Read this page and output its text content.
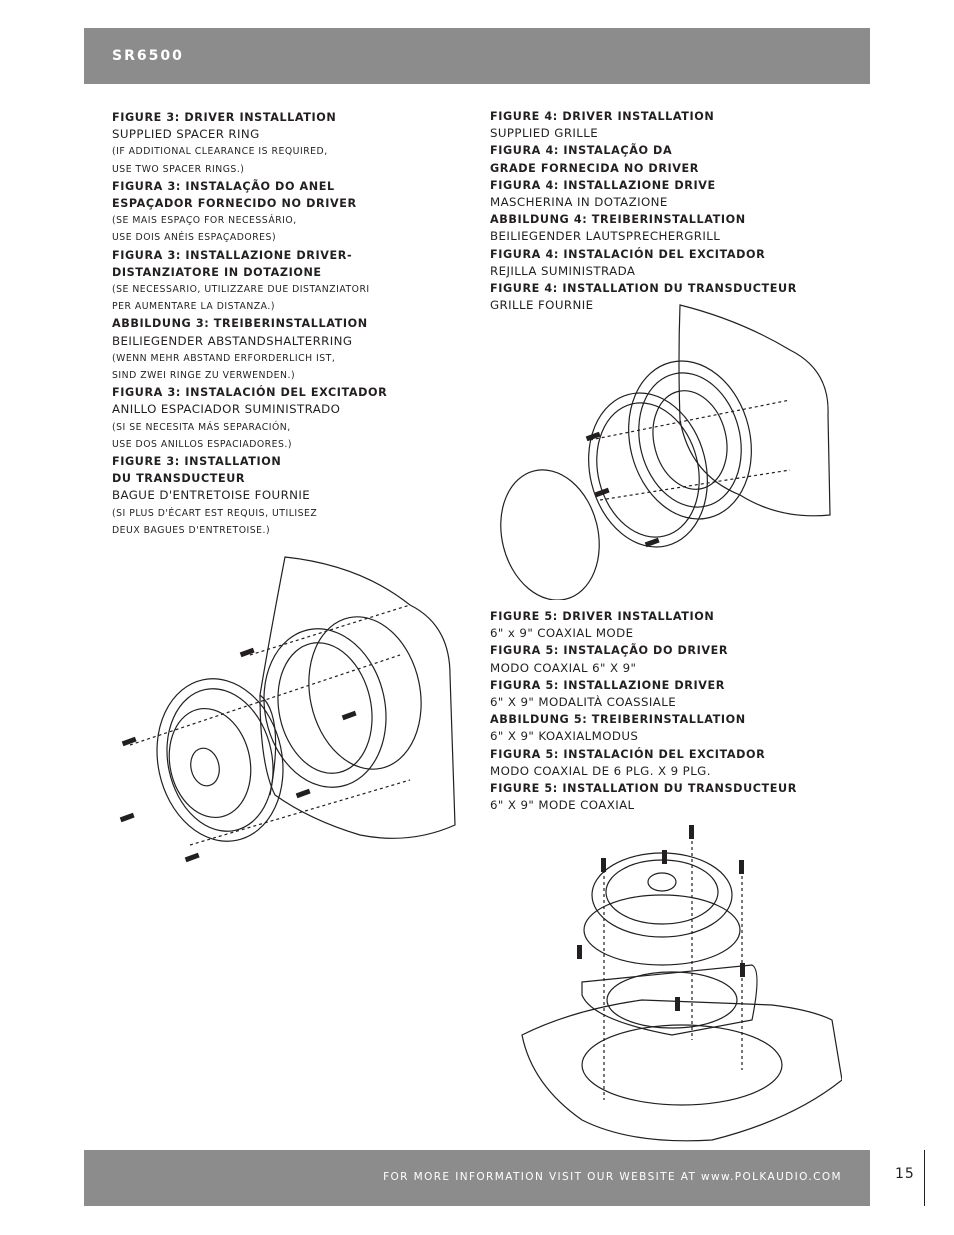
SR6500

FIGURE 3: DRIVER INSTALLATION

SUPPLIED SPACER RING

(IF ADDITIONAL CLEARANCE IS REQUIRED,

USE TWO SPACER RINGS.)

FIGURA 3: INSTALAÇÃO DO ANEL

ESPAÇADOR FORNECIDO NO DRIVER

(SE MAIS ESPAÇO FOR NECESSÁRIO,

USE DOIS ANÉIS ESPAÇADORES)

FIGURA 3: INSTALLAZIONE DRIVER-

DISTANZIATORE IN DOTAZIONE

(SE NECESSARIO, UTILIZZARE DUE DISTANZIATORI

PER AUMENTARE LA DISTANZA.)

ABBILDUNG 3: TREIBERINSTALLATION

BEILIEGENDER ABSTANDSHALTERRING

(WENN MEHR ABSTAND ERFORDERLICH IST,

SIND ZWEI RINGE ZU VERWENDEN.)

FIGURA 3: INSTALACIÓN DEL EXCITADOR

ANILLO ESPACIADOR SUMINISTRADO

(SI SE NECESITA MÁS SEPARACIÓN,

USE DOS ANILLOS ESPACIADORES.)

FIGURE 3: INSTALLATION

DU TRANSDUCTEUR

BAGUE D'ENTRETOISE FOURNIE

(SI PLUS D'ÉCART EST REQUIS, UTILISEZ

DEUX BAGUES D'ENTRETOISE.)

FIGURE 4: DRIVER INSTALLATION

SUPPLIED GRILLE

FIGURA 4: INSTALAÇÃO DA

GRADE FORNECIDA NO DRIVER

FIGURA 4: INSTALLAZIONE DRIVE

MASCHERINA IN DOTAZIONE

ABBILDUNG 4: TREIBERINSTALLATION

BEILIEGENDER LAUTSPRECHERGRILL

FIGURA 4: INSTALACIÓN DEL EXCITADOR

REJILLA SUMINISTRADA

FIGURE 4: INSTALLATION DU TRANSDUCTEUR

GRILLE FOURNIE

FIGURE 5: DRIVER INSTALLATION

6" x 9" COAXIAL MODE

FIGURA 5: INSTALAÇÃO DO DRIVER

MODO COAXIAL 6" X 9"

FIGURA 5: INSTALLAZIONE DRIVER

6" X 9" MODALITÀ COASSIALE

ABBILDUNG 5: TREIBERINSTALLATION

6" X 9" KOAXIALMODUS

FIGURA 5: INSTALACIÓN DEL EXCITADOR

MODO COAXIAL DE 6 PLG. X 9 PLG.

FIGURE 5: INSTALLATION DU TRANSDUCTEUR

6" X 9" MODE COAXIAL

FOR MORE INFORMATION VISIT OUR WEBSITE AT www.POLKAUDIO.COM	15
